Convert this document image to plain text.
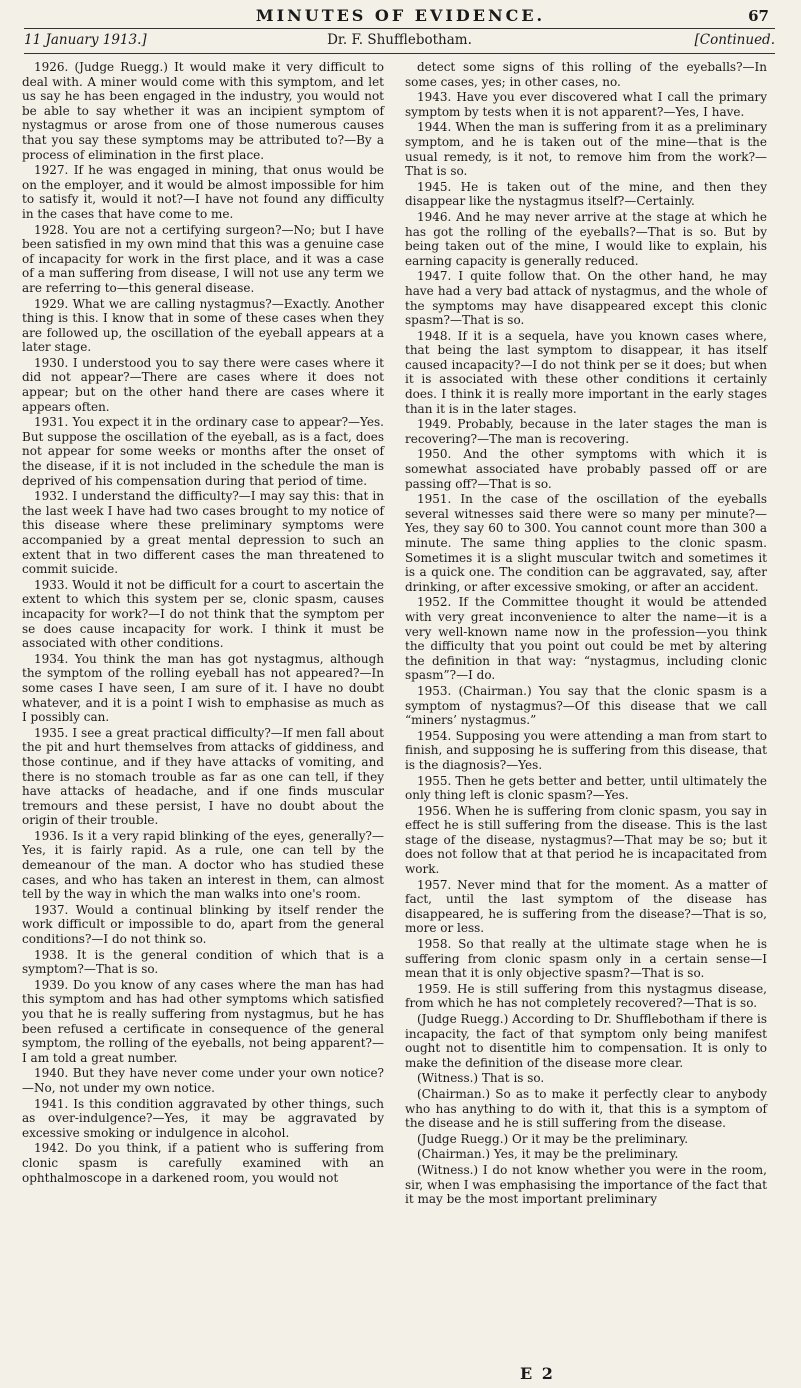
MINUTES OF EVIDENCE.	67
11 January 1913.]	Dr. F. Shufflebotham.	[Continued.

1926. (Judge Ruegg.) It would make it very difficult to deal with. A miner would come with this symptom, and let us say he has been engaged in the industry, you would not be able to say whether it was an incipient symptom of nystagmus or arose from one of those numerous causes that you say these symptoms may be attributed to?—By a process of elimination in the first place.

1927. If he was engaged in mining, that onus would be on the employer, and it would be almost impossible for him to satisfy it, would it not?—I have not found any difficulty in the cases that have come to me.

1928. You are not a certifying surgeon?—No; but I have been satisfied in my own mind that this was a genuine case of incapacity for work in the first place, and it was a case of a man suffering from disease, I will not use any term we are referring to—this general disease.

1929. What we are calling nystagmus?—Exactly. Another thing is this. I know that in some of these cases when they are followed up, the oscillation of the eyeball appears at a later stage.

1930. I understood you to say there were cases where it did not appear?—There are cases where it does not appear; but on the other hand there are cases where it appears often.

1931. You expect it in the ordinary case to appear?—Yes. But suppose the oscillation of the eyeball, as is a fact, does not appear for some weeks or months after the onset of the disease, if it is not included in the schedule the man is deprived of his compensation during that period of time.

1932. I understand the difficulty?—I may say this: that in the last week I have had two cases brought to my notice of this disease where these preliminary symptoms were accompanied by a great mental depression to such an extent that in two different cases the man threatened to commit suicide.

1933. Would it not be difficult for a court to ascertain the extent to which this system per se, clonic spasm, causes incapacity for work?—I do not think that the symptom per se does cause incapacity for work. I think it must be associated with other conditions.

1934. You think the man has got nystagmus, although the symptom of the rolling eyeball has not appeared?—In some cases I have seen, I am sure of it. I have no doubt whatever, and it is a point I wish to emphasise as much as I possibly can.

1935. I see a great practical difficulty?—If men fall about the pit and hurt themselves from attacks of giddiness, and those continue, and if they have attacks of vomiting, and there is no stomach trouble as far as one can tell, if they have attacks of headache, and if one finds muscular tremours and these persist, I have no doubt about the origin of their trouble.

1936. Is it a very rapid blinking of the eyes, generally?—Yes, it is fairly rapid. As a rule, one can tell by the demeanour of the man. A doctor who has studied these cases, and who has taken an interest in them, can almost tell by the way in which the man walks into one's room.

1937. Would a continual blinking by itself render the work difficult or impossible to do, apart from the general conditions?—I do not think so.

1938. It is the general condition of which that is a symptom?—That is so.

1939. Do you know of any cases where the man has had this symptom and has had other symptoms which satisfied you that he is really suffering from nystagmus, but he has been refused a certificate in consequence of the general symptom, the rolling of the eyeballs, not being apparent?—I am told a great number.

1940. But they have never come under your own notice?—No, not under my own notice.

1941. Is this condition aggravated by other things, such as over-indulgence?—Yes, it may be aggravated by excessive smoking or indulgence in alcohol.

1942. Do you think, if a patient who is suffering from clonic spasm is carefully examined with an ophthalmoscope in a darkened room, you would not

detect some signs of this rolling of the eyeballs?—In some cases, yes; in other cases, no.

1943. Have you ever discovered what I call the primary symptom by tests when it is not apparent?—Yes, I have.

1944. When the man is suffering from it as a preliminary symptom, and he is taken out of the mine—that is the usual remedy, is it not, to remove him from the work?—That is so.

1945. He is taken out of the mine, and then they disappear like the nystagmus itself?—Certainly.

1946. And he may never arrive at the stage at which he has got the rolling of the eyeballs?—That is so. But by being taken out of the mine, I would like to explain, his earning capacity is generally reduced.

1947. I quite follow that. On the other hand, he may have had a very bad attack of nystagmus, and the whole of the symptoms may have disappeared except this clonic spasm?—That is so.

1948. If it is a sequela, have you known cases where, that being the last symptom to disappear, it has itself caused incapacity?—I do not think per se it does; but when it is associated with these other conditions it certainly does. I think it is really more important in the early stages than it is in the later stages.

1949. Probably, because in the later stages the man is recovering?—The man is recovering.

1950. And the other symptoms with which it is somewhat associated have probably passed off or are passing off?—That is so.

1951. In the case of the oscillation of the eyeballs several witnesses said there were so many per minute?—Yes, they say 60 to 300. You cannot count more than 300 a minute. The same thing applies to the clonic spasm. Sometimes it is a slight muscular twitch and sometimes it is a quick one. The condition can be aggravated, say, after drinking, or after excessive smoking, or after an accident.

1952. If the Committee thought it would be attended with very great inconvenience to alter the name—it is a very well-known name now in the profession—you think the difficulty that you point out could be met by altering the definition in that way: “nystagmus, including clonic spasm”?—I do.

1953. (Chairman.) You say that the clonic spasm is a symptom of nystagmus?—Of this disease that we call “miners’ nystagmus.”

1954. Supposing you were attending a man from start to finish, and supposing he is suffering from this disease, that is the diagnosis?—Yes.

1955. Then he gets better and better, until ultimately the only thing left is clonic spasm?—Yes.

1956. When he is suffering from clonic spasm, you say in effect he is still suffering from the disease. This is the last stage of the disease, nystagmus?—That may be so; but it does not follow that at that period he is incapacitated from work.

1957. Never mind that for the moment. As a matter of fact, until the last symptom of the disease has disappeared, he is suffering from the disease?—That is so, more or less.

1958. So that really at the ultimate stage when he is suffering from clonic spasm only in a certain sense—I mean that it is only objective spasm?—That is so.

1959. He is still suffering from this nystagmus disease, from which he has not completely recovered?—That is so.

(Judge Ruegg.) According to Dr. Shufflebotham if there is incapacity, the fact of that symptom only being manifest ought not to disentitle him to compensation. It is only to make the definition of the disease more clear.

(Witness.) That is so.

(Chairman.) So as to make it perfectly clear to anybody who has anything to do with it, that this is a symptom of the disease and he is still suffering from the disease.

(Judge Ruegg.) Or it may be the preliminary.

(Chairman.) Yes, it may be the preliminary.

(Witness.) I do not know whether you were in the room, sir, when I was emphasising the importance of the fact that it may be the most important preliminary

E 2
